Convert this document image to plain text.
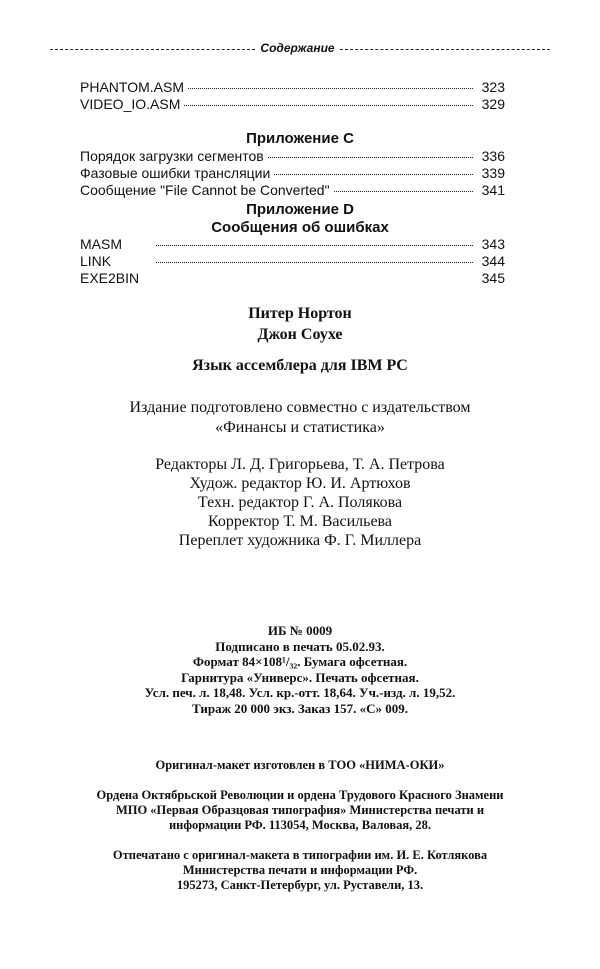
Содержание
PHANTOM.ASM	323
VIDEO_IO.ASM	329
Приложение C
Порядок загрузки сегментов	336
Фазовые ошибки трансляции	339
Сообщение "File Cannot be Converted"	341
Приложение D
Сообщения об ошибках
MASM	343
LINK	344
EXE2BIN	345
Питер Нортон
Джон Соухе
Язык ассемблера для IBM PC
Издание подготовлено совместно с издательством
«Финансы и статистика»
Редакторы Л. Д. Григорьева, Т. А. Петрова
Худож. редактор Ю. И. Артюхов
Техн. редактор Г. А. Полякова
Корректор Т. М. Васильева
Переплет художника Ф. Г. Миллера
ИБ № 0009
Подписано в печать 05.02.93.
Формат 84×108¹/₃₂. Бумага офсетная.
Гарнитура «Универс». Печать офсетная.
Усл. печ. л. 18,48. Усл. кр.-отт. 18,64. Уч.-изд. л. 19,52.
Тираж 20 000 экз. Заказ 157. «С» 009.
Оригинал-макет изготовлен в ТОО «НИМА-ОКИ»
Ордена Октябрьской Революции и ордена Трудового Красного Знамени
МПО «Первая Образцовая типография» Министерства печати и
информации РФ. 113054, Москва, Валовая, 28.
Отпечатано с оригинал-макета в типографии им. И. Е. Котлякова
Министерства печати и информации РФ.
195273, Санкт-Петербург, ул. Руставели, 13.
